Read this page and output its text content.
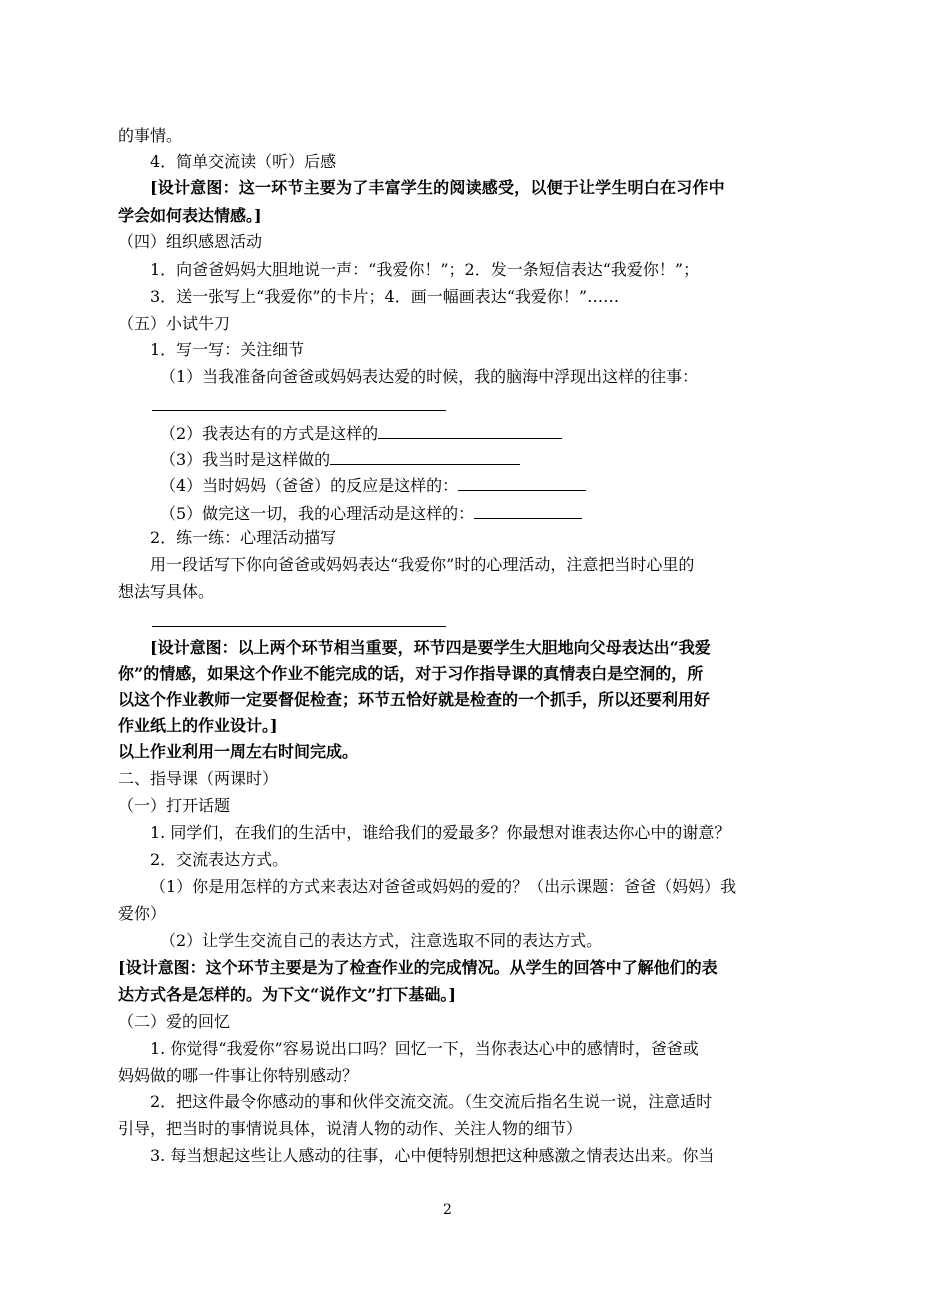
的事情。
4．简单交流读（听）后感
[设计意图：这一环节主要为了丰富学生的阅读感受，以便于让学生明白在习作中
学会如何表达情感。]
（四）组织感恩活动
1．向爸爸妈妈大胆地说一声：“我爱你！”；2．发一条短信表达“我爱你！”；
3．送一张写上“我爱你”的卡片；4．画一幅画表达“我爱你！”……
（五）小试牛刀
1．写一写：关注细节
（1）当我准备向爸爸或妈妈表达爱的时候，我的脑海中浮现出这样的往事：
（2）我表达有的方式是这样的
（3）我当时是这样做的
（4）当时妈妈（爸爸）的反应是这样的：
（5）做完这一切，我的心理活动是这样的：
2．练一练：心理活动描写
用一段话写下你向爸爸或妈妈表达“我爱你”时的心理活动，注意把当时心里的
想法写具体。
[设计意图：以上两个环节相当重要，环节四是要学生大胆地向父母表达出“我爱
你”的情感，如果这个作业不能完成的话，对于习作指导课的真情表白是空洞的，所
以这个作业教师一定要督促检查；环节五恰好就是检查的一个抓手，所以还要利用好
作业纸上的作业设计。]
以上作业利用一周左右时间完成。
二、指导课（两课时）
（一）打开话题
1. 同学们，在我们的生活中，谁给我们的爱最多？你最想对谁表达你心中的谢意？
2．交流表达方式。
（1）你是用怎样的方式来表达对爸爸或妈妈的爱的？（出示课题：爸爸（妈妈）我
爱你）
（2）让学生交流自己的表达方式，注意选取不同的表达方式。
[设计意图：这个环节主要是为了检查作业的完成情况。从学生的回答中了解他们的表
达方式各是怎样的。为下文“说作文”打下基础。]
（二）爱的回忆
1. 你觉得“我爱你”容易说出口吗？回忆一下，当你表达心中的感情时，爸爸或
妈妈做的哪一件事让你特别感动？
2．把这件最令你感动的事和伙伴交流交流。（生交流后指名生说一说，注意适时
引导，把当时的事情说具体，说清人物的动作、关注人物的细节）
3. 每当想起这些让人感动的往事，心中便特别想把这种感激之情表达出来。你当
2
